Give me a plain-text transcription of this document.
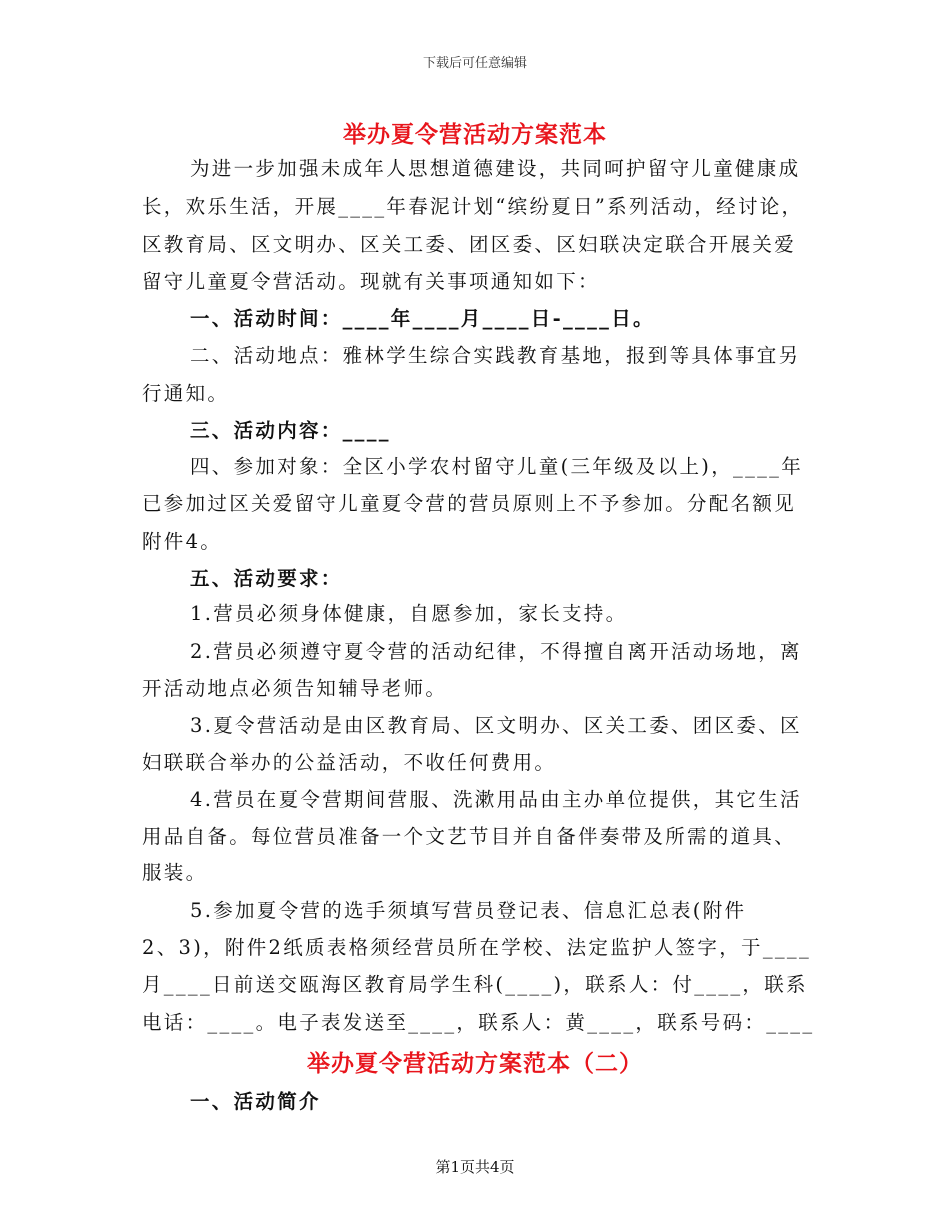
下载后可任意编辑
举办夏令营活动方案范本
为进一步加强未成年人思想道德建设，共同呵护留守儿童健康成
长，欢乐生活，开展____年春泥计划“缤纷夏日”系列活动，经讨论，
区教育局、区文明办、区关工委、团区委、区妇联决定联合开展关爱
留守儿童夏令营活动。现就有关事项通知如下：
一、活动时间：____年____月____日-____日。
二、活动地点：雅林学生综合实践教育基地，报到等具体事宜另
行通知。
三、活动内容：____
四、参加对象：全区小学农村留守儿童(三年级及以上)，____年
已参加过区关爱留守儿童夏令营的营员原则上不予参加。分配名额见
附件4。
五、活动要求：
1.营员必须身体健康，自愿参加，家长支持。
2.营员必须遵守夏令营的活动纪律，不得擅自离开活动场地，离
开活动地点必须告知辅导老师。
3.夏令营活动是由区教育局、区文明办、区关工委、团区委、区
妇联联合举办的公益活动，不收任何费用。
4.营员在夏令营期间营服、洗漱用品由主办单位提供，其它生活
用品自备。每位营员准备一个文艺节目并自备伴奏带及所需的道具、
服装。
5.参加夏令营的选手须填写营员登记表、信息汇总表(附件
2、3)，附件2纸质表格须经营员所在学校、法定监护人签字，于____
月____日前送交瓯海区教育局学生科(____)，联系人：付____，联系
电话：____。电子表发送至____，联系人：黄____，联系号码：____
举办夏令营活动方案范本（二）
一、活动简介
第1页共4页
